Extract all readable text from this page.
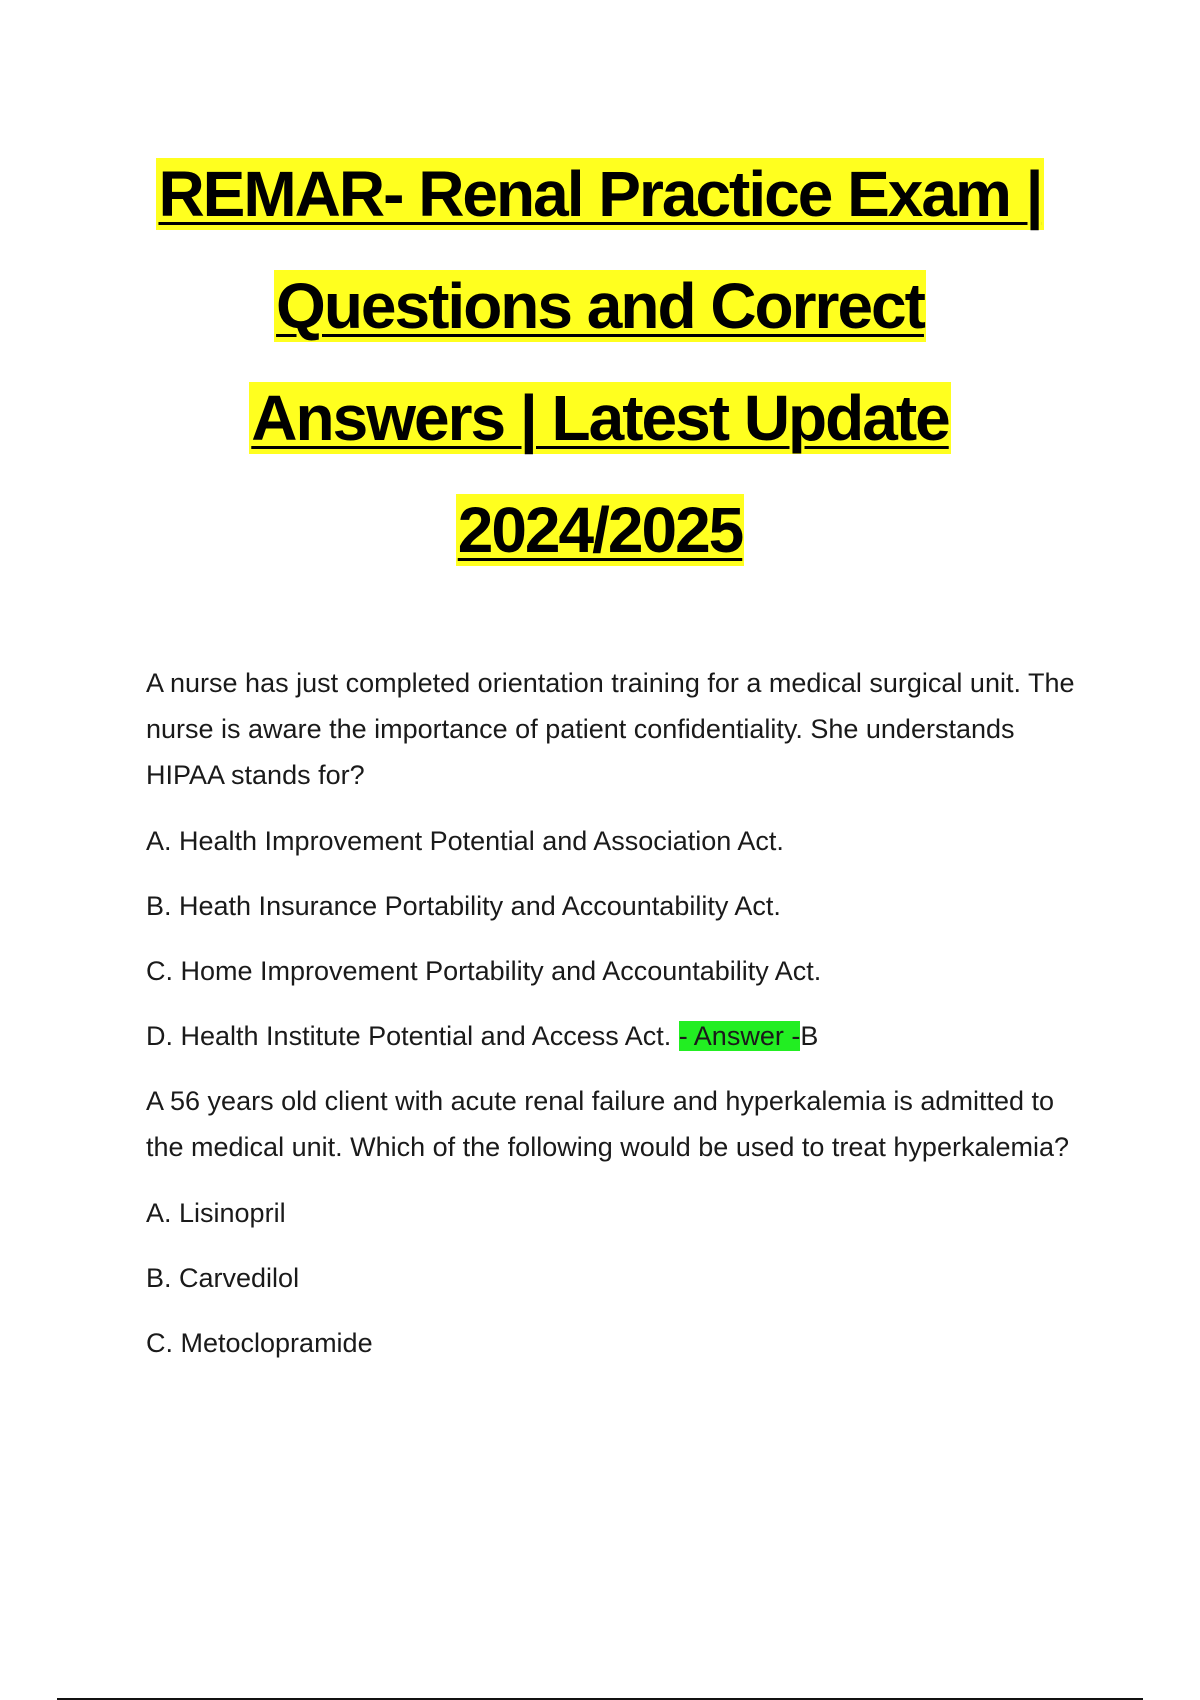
REMAR- Renal Practice Exam |
Questions and Correct
Answers | Latest Update
2024/2025

A nurse has just completed orientation training for a medical surgical unit. The nurse is aware the importance of patient confidentiality. She understands HIPAA stands for?

A. Health Improvement Potential and Association Act.
B. Heath Insurance Portability and Accountability Act.
C. Home Improvement Portability and Accountability Act.
D. Health Institute Potential and Access Act. - Answer -B

A 56 years old client with acute renal failure and hyperkalemia is admitted to the medical unit. Which of the following would be used to treat hyperkalemia?

A. Lisinopril
B. Carvedilol
C. Metoclopramide
